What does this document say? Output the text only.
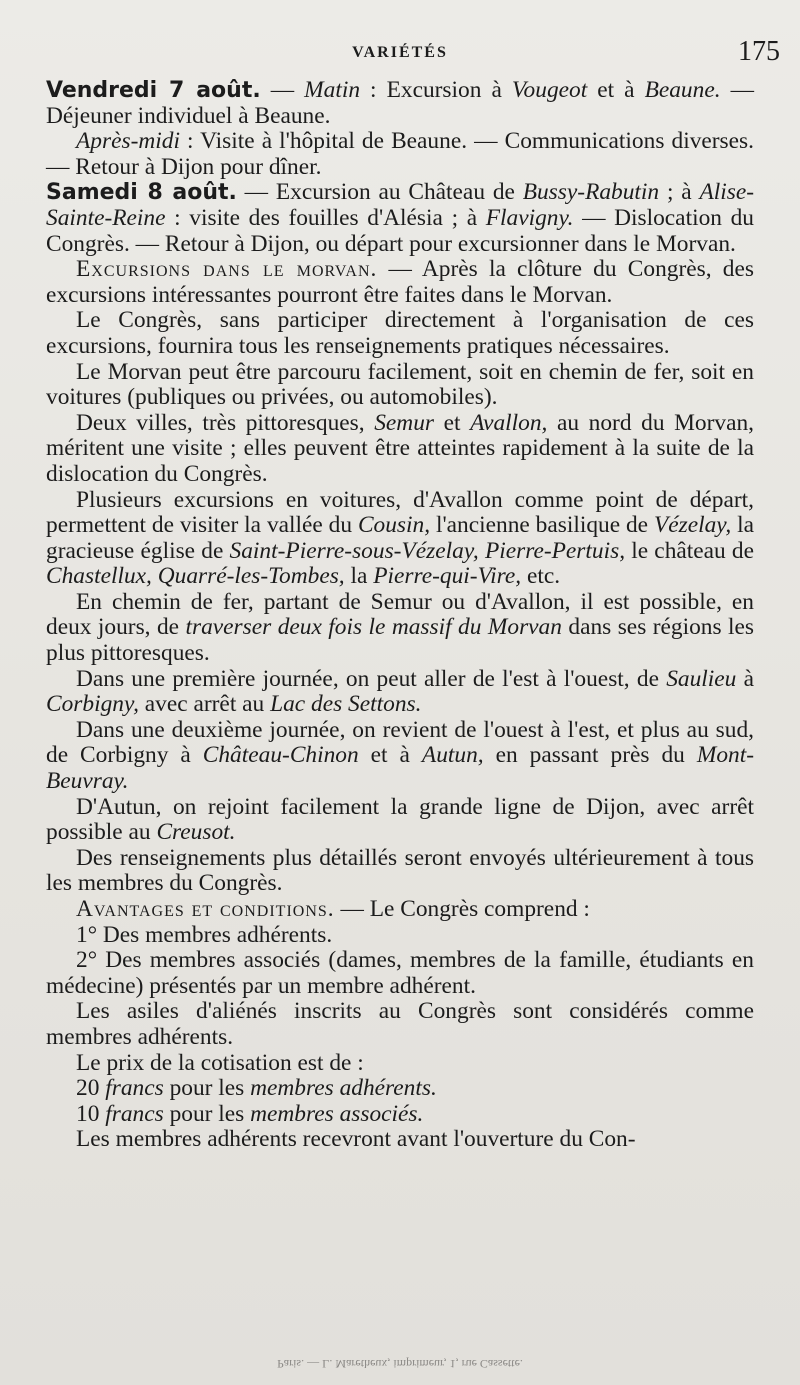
VARIÉTÉS	175

Vendredi 7 août. — Matin : Excursion à Vougeot et à Beaune. — Déjeuner individuel à Beaune.

Après-midi : Visite à l'hôpital de Beaune. — Communications diverses. — Retour à Dijon pour dîner.

Samedi 8 août. — Excursion au Château de Bussy-Rabutin ; à Alise-Sainte-Reine : visite des fouilles d'Alésia ; à Flavigny. — Dislocation du Congrès. — Retour à Dijon, ou départ pour excursionner dans le Morvan.

Excursions dans le morvan. — Après la clôture du Congrès, des excursions intéressantes pourront être faites dans le Morvan.

Le Congrès, sans participer directement à l'organisation de ces excursions, fournira tous les renseignements pratiques nécessaires.

Le Morvan peut être parcouru facilement, soit en chemin de fer, soit en voitures (publiques ou privées, ou automobiles).

Deux villes, très pittoresques, Semur et Avallon, au nord du Morvan, méritent une visite ; elles peuvent être atteintes rapidement à la suite de la dislocation du Congrès.

Plusieurs excursions en voitures, d'Avallon comme point de départ, permettent de visiter la vallée du Cousin, l'ancienne basilique de Vézelay, la gracieuse église de Saint-Pierre-sous-Vézelay, Pierre-Pertuis, le château de Chastellux, Quarré-les-Tombes, la Pierre-qui-Vire, etc.

En chemin de fer, partant de Semur ou d'Avallon, il est possible, en deux jours, de traverser deux fois le massif du Morvan dans ses régions les plus pittoresques.

Dans une première journée, on peut aller de l'est à l'ouest, de Saulieu à Corbigny, avec arrêt au Lac des Settons.

Dans une deuxième journée, on revient de l'ouest à l'est, et plus au sud, de Corbigny à Château-Chinon et à Autun, en passant près du Mont-Beuvray.

D'Autun, on rejoint facilement la grande ligne de Dijon, avec arrêt possible au Creusot.

Des renseignements plus détaillés seront envoyés ultérieurement à tous les membres du Congrès.

Avantages et conditions. — Le Congrès comprend :

1° Des membres adhérents.

2° Des membres associés (dames, membres de la famille, étudiants en médecine) présentés par un membre adhérent.

Les asiles d'aliénés inscrits au Congrès sont considérés comme membres adhérents.

Le prix de la cotisation est de :

20 francs pour les membres adhérents.

10 francs pour les membres associés.

Les membres adhérents recevront avant l'ouverture du Con-

Paris. — L. Maretheux, imprimeur, 1, rue Cassette.
